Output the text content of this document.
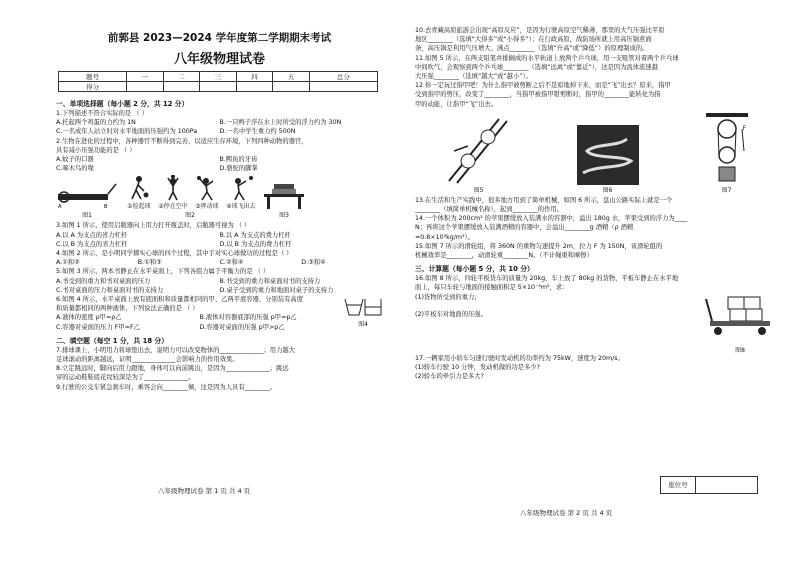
前郭县 2023—2024 学年度第二学期期末考试
八年级物理试卷
题号	一	二	三	四	五	总分
得分						
一、单项选择题（每小题 2 分，共 12 分）

1.下列描述不符合实际的是 （ ）

A.托起两个鸡蛋的力约为 1N	B.一只鸭子浮在水上时所受的浮力约为 30N
C.一名成年人站立时对水平地面的压强约为 100Pa	D.一名中学生重力约 500N

2.生物在进化的过程中，各种器官不断得到完善，以适应生存环境，下列四种动物的器官，

具有减小压强功能的是 （ ）

A.蚊子的口器	B.鳄鱼的牙齿
C.啄木鸟的喙	D.骆驼的脚掌
A	B
图1
①捡起球	②停在空中	③挥动球	④球飞出去
图2	图3

3.如图 1 所示，使用启瓶器向上用力打开瓶盖时，启瓶器可视为 （ ）

A.以 A 为支点的省力杠杆	B.以 A 为支点的费力杠杆
C.以 B 为支点的省力杠杆	D.以 B 为支点的费力杠杆

4.如图 2 所示，是小明同学掷实心球的四个过程，其中手对实心球做功的过程是（ ）

A.①和②	B.①和③	C.②和④	D.③和④

5.如图 3 所示，两本书静止在水平桌面上，下列各组力属于平衡力的是 （ ）

A.书受到的重力和书对桌面的压力	B.书受到的重力和桌面对书的支持力
C.书对桌面的压力和桌面对书的支持力	D.桌子受到的重力和地面对桌子的支持力

6.如图 4 所示，水平桌面上放有底面积和质量都相同的甲、乙两平底容器，分别装有高度

和质量都相同的两种液体，下列说法正确的是 （ ）

A.液体的密度 ρ甲=ρ乙	B.液体对容器底部的压强 p甲=p乙
C.容器对桌面的压力 F甲=F乙	D.容器对桌面的压强 p甲>p乙	图4
二、填空题（每空 1 分，共 18 分）

7.排球课上，小明用力将球垫出去，说明力可以改变物体的______________；用力越大

足球滚动的距离越远，证明______________会影响力的作用效果。

8.立定跳远时，脚向后用力蹬地，身体可以向前跳出，是因为______________；跳远

穿的运动鞋鞋底花纹较深是为了______________。

9.行驶的公交车紧急刹车时，乘客会向________倾，这是因为人具有________。

八年级物理试卷 第 1 页 共 4 页

10.去青藏高原旅游会出现“高原反应”，是因为行驶高原空气稀薄，那里的大气压强比平原

地区________（选填“大得多”或“小得多”）；在行政高原，战防场所就上用高压锅煮面

条，高压锅是利用气压增大、沸点________（选填“升高”或“降低”）的原理制成的。

11.如图 5 所示，在两支铅笔并排搁成的水平轨道上放两个乒乓球，用一支吸管对着两个乒乓球

中间吹气，会观察到两个乒乓球________（选填“远离”或“靠近”），这是因为流体流速越

大压强________（选填“越大”或“越小”）。

12.你一定玩过指甲吧！为什么指甲被剪断之后不是原地掉下来，而是“飞”出去？原来，指甲

受到指甲的剪压，改变了________，当指甲被指甲钳剪断时，指甲的________能转化为指

甲的动能，让指甲“飞”出去。

图5	图6
F
图7

13.在生活和生产实践中，很多地方用到了简单机械，如图 6 所示，盘山公路实际上就是一个

________（填简单机械名称），起到________的作用。

14.一个体积为 200cm³ 的苹果摆缓放入装满水的容器中，溢出 180g 水，苹果受到的浮力为____

N；再将这个苹果摆缓放入装满酒精的容器中，会溢出________g 酒精（ρ 酒精

=0.8×10³kg/m³）。

15.如图 7 所示的滑轮组，将 360N 的重物匀速提升 2m，拉力 F 为 150N，该滑轮组的

机械效率是________，动滑轮重________N。（不计绳重和摩擦）

三、计算题（每小题 5 分，共 10 分）

16.如图 8 所示，四轮平板货车的质量为 20kg，车上放了 80kg 的货物，平板车静止在水平地

面上，每只车轮与地面的接触面积是 5×10⁻⁴m²，求：

(1)货物所受到的重力；

(2)平板车对地面的压强。

图8

17.一辆家用小轿车匀速行驶时发动机的功率约为 75kW，速度为 20m/s。

(1)轿车行驶 10 分钟，发动机做的功是多少?

(2)轿车的牵引力是多大?

座位号
八年级物理试卷 第 2 页 共 4 页
